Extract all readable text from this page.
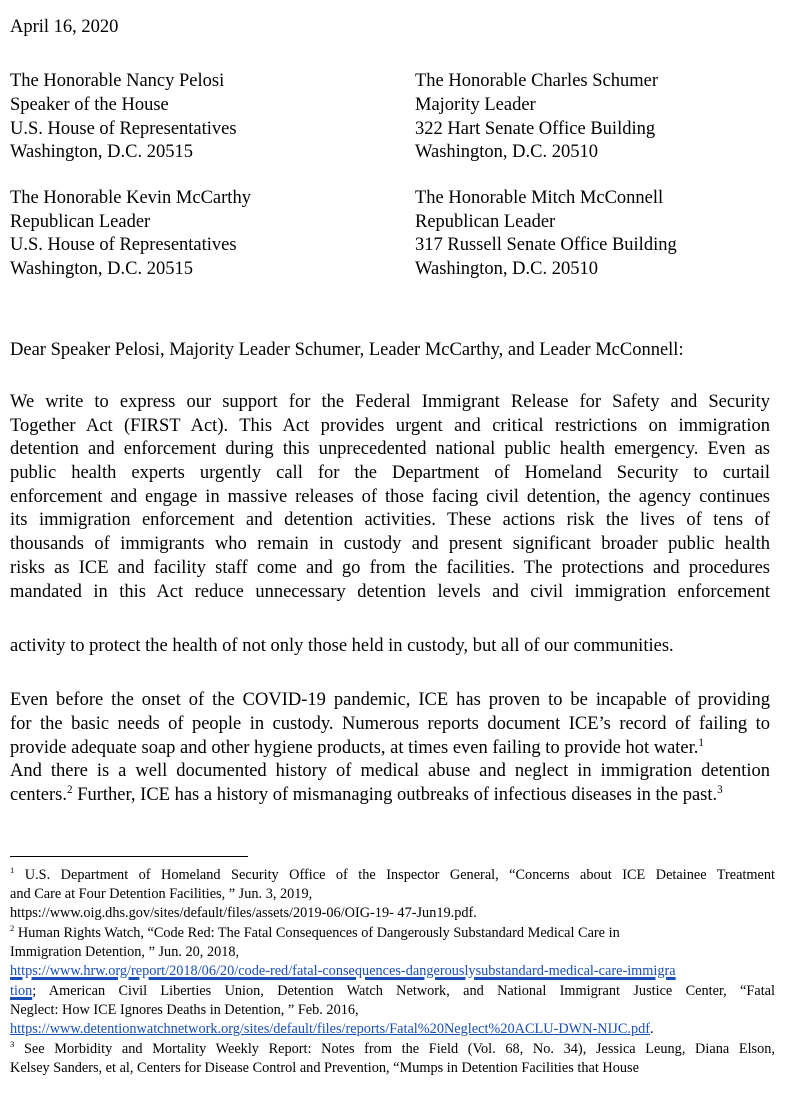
April 16, 2020
The Honorable Nancy Pelosi
Speaker of the House
U.S. House of Representatives
Washington, D.C. 20515
The Honorable Charles Schumer
Majority Leader
322 Hart Senate Office Building
Washington, D.C. 20510
The Honorable Kevin McCarthy
Republican Leader
U.S. House of Representatives
Washington, D.C. 20515
The Honorable Mitch McConnell
Republican Leader
317 Russell Senate Office Building
Washington, D.C. 20510
Dear Speaker Pelosi, Majority Leader Schumer, Leader McCarthy, and Leader McConnell:
We write to express our support for the Federal Immigrant Release for Safety and Security
Together Act (FIRST Act). This Act provides urgent and critical restrictions on immigration
detention and enforcement during this unprecedented national public health emergency. Even as
public health experts urgently call for the Department of Homeland Security to curtail
enforcement and engage in massive releases of those facing civil detention, the agency continues
its immigration enforcement and detention activities. These actions risk the lives of tens of
thousands of immigrants who remain in custody and present significant broader public health
risks as ICE and facility staff come and go from the facilities. The protections and procedures
mandated in this Act reduce unnecessary detention levels and civil immigration enforcement
activity to protect the health of not only those held in custody, but all of our communities.
Even before the onset of the COVID-19 pandemic, ICE has proven to be incapable of providing
for the basic needs of people in custody. Numerous reports document ICE’s record of failing to
provide adequate soap and other hygiene products, at times even failing to provide hot water.$^1$
And there is a well documented history of medical abuse and neglect in immigration detention
centers.$^2$ Further, ICE has a history of mismanaging outbreaks of infectious diseases in the past.$^3$
$^1$ U.S. Department of Homeland Security Office of the Inspector General, “Concerns about ICE Detainee Treatment
and Care at Four Detention Facilities, ” Jun. 3, 2019,
https://www.oig.dhs.gov/sites/default/files/assets/2019-06/OIG-19- 47-Jun19.pdf.
$^2$ Human Rights Watch, “Code Red: The Fatal Consequences of Dangerously Substandard Medical Care in
Immigration Detention, ” Jun. 20, 2018,
https://www.hrw.org/report/2018/06/20/code-red/fatal-consequences-dangerouslysubstandard-medical-care-immigra
tion; American Civil Liberties Union, Detention Watch Network, and National Immigrant Justice Center, “Fatal
Neglect: How ICE Ignores Deaths in Detention, ” Feb. 2016,
https://www.detentionwatchnetwork.org/sites/default/files/reports/Fatal%20Neglect%20ACLU-DWN-NIJC.pdf.
$^3$ See Morbidity and Mortality Weekly Report: Notes from the Field (Vol. 68, No. 34), Jessica Leung, Diana Elson,
Kelsey Sanders, et al, Centers for Disease Control and Prevention, “Mumps in Detention Facilities that House
